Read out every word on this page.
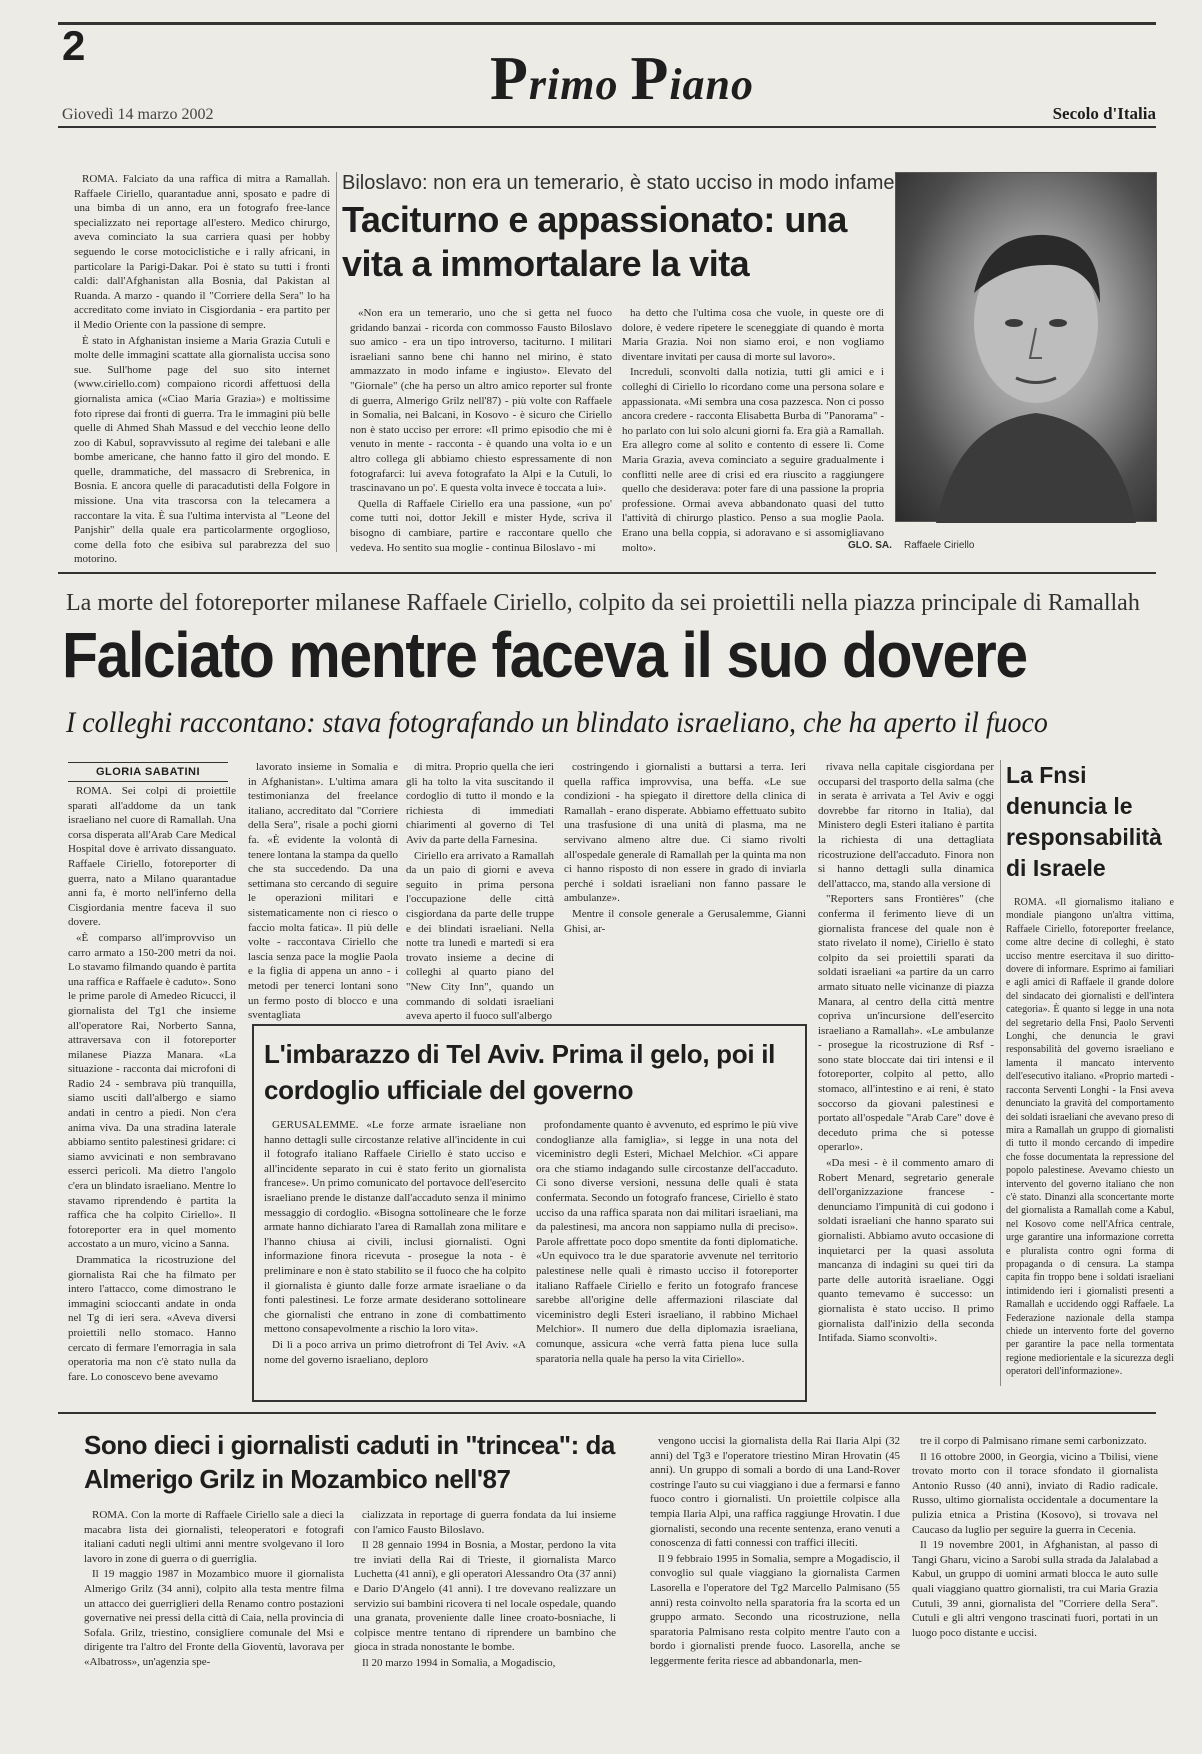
2	Primo Piano
Giovedì 14 marzo 2002	Secolo d'Italia

ROMA. Falciato da una raffica di mitra a Ramallah. Raffaele Ciriello, quarantadue anni, sposato e padre di una bimba di un anno, era un fotografo free-lance specializzato nei reportage all'estero. Medico chirurgo, aveva cominciato la sua carriera quasi per hobby seguendo le corse motociclistiche e i rally africani, in particolare la Parigi-Dakar. Poi è stato su tutti i fronti caldi: dall'Afghanistan alla Bosnia, dal Pakistan al Ruanda. A marzo - quando il "Corriere della Sera" lo ha accreditato come inviato in Cisgiordania - era partito per il Medio Oriente con la passione di sempre.

È stato in Afghanistan insieme a Maria Grazia Cutuli e molte delle immagini scattate alla giornalista uccisa sono sue. Sull'home page del suo sito internet (www.ciriello.com) compaiono ricordi affettuosi della giornalista amica («Ciao Maria Grazia») e moltissime foto riprese dai fronti di guerra. Tra le immagini più belle quelle di Ahmed Shah Massud e del vecchio leone dello zoo di Kabul, sopravvissuto al regime dei talebani e alle bombe americane, che hanno fatto il giro del mondo. E quelle, drammatiche, del massacro di Srebrenica, in Bosnia. E ancora quelle di paracadutisti della Folgore in missione. Una vita trascorsa con la telecamera a raccontare la vita. È sua l'ultima intervista al "Leone del Panjshir" della quale era particolarmente orgoglioso, come della foto che esibiva sul parabrezza del suo motorino.

Biloslavo: non era un temerario, è stato ucciso in modo infame
Taciturno e appassionato: una vita a immortalare la vita

«Non era un temerario, uno che si getta nel fuoco gridando banzai - ricorda con commosso Fausto Biloslavo suo amico - era un tipo introverso, taciturno. I militari israeliani sanno bene chi hanno nel mirino, è stato ammazzato in modo infame e ingiusto». Elevato del "Giornale" (che ha perso un altro amico reporter sul fronte di guerra, Almerigo Grilz nell'87) - più volte con Raffaele in Somalia, nei Balcani, in Kosovo - è sicuro che Ciriello non è stato ucciso per errore: «Il primo episodio che mi è venuto in mente - racconta - è quando una volta io e un altro collega gli abbiamo chiesto espressamente di non fotografarci: lui aveva fotografato la Alpi e la Cutuli, lo trascinavano un po'. E questa volta invece è toccata a lui».

Quella di Raffaele Ciriello era una passione, «un po' come tutti noi, dottor Jekill e mister Hyde, scriva il bisogno di cambiare, partire e raccontare quello che vedeva. Ho sentito sua moglie - continua Biloslavo - mi

ha detto che l'ultima cosa che vuole, in queste ore di dolore, è vedere ripetere le sceneggiate di quando è morta Maria Grazia. Noi non siamo eroi, e non vogliamo diventare invitati per causa di morte sul lavoro».

Increduli, sconvolti dalla notizia, tutti gli amici e i colleghi di Ciriello lo ricordano come una persona solare e appassionata. «Mi sembra una cosa pazzesca. Non ci posso ancora credere - racconta Elisabetta Burba di "Panorama" - ho parlato con lui solo alcuni giorni fa. Era già a Ramallah. Era allegro come al solito e contento di essere lì. Come Maria Grazia, aveva cominciato a seguire gradualmente i conflitti nelle aree di crisi ed era riuscito a raggiungere quello che desiderava: poter fare di una passione la propria professione. Ormai aveva abbandonato quasi del tutto l'attività di chirurgo plastico. Penso a sua moglie Paola. Erano una bella coppia, si adoravano e si assomigliavano molto».	GLO. SA. Raffaele Ciriello
La morte del fotoreporter milanese Raffaele Ciriello, colpito da sei proiettili nella piazza principale di Ramallah
Falciato mentre faceva il suo dovere
I colleghi raccontano: stava fotografando un blindato israeliano, che ha aperto il fuoco
GLORIA SABATINI

ROMA. Sei colpi di proiettile sparati all'addome da un tank israeliano nel cuore di Ramallah. Una corsa disperata all'Arab Care Medical Hospital dove è arrivato dissanguato. Raffaele Ciriello, fotoreporter di guerra, nato a Milano quarantadue anni fa, è morto nell'inferno della Cisgiordania mentre faceva il suo dovere.

«È comparso all'improvviso un carro armato a 150-200 metri da noi. Lo stavamo filmando quando è partita una raffica e Raffaele è caduto». Sono le prime parole di Amedeo Ricucci, il giornalista del Tg1 che insieme all'operatore Rai, Norberto Sanna, attraversava con il fotoreporter milanese Piazza Manara. «La situazione - racconta dai microfoni di Radio 24 - sembrava più tranquilla, siamo usciti dall'albergo e siamo andati in centro a piedi. Non c'era anima viva. Da una stradina laterale abbiamo sentito palestinesi gridare: ci siamo avvicinati e non sembravano esserci pericoli. Ma dietro l'angolo c'era un blindato israeliano. Mentre lo stavamo riprendendo è partita la raffica che ha colpito Ciriello». Il fotoreporter era in quel momento accostato a un muro, vicino a Sanna.

Drammatica la ricostruzione del giornalista Rai che ha filmato per intero l'attacco, come dimostrano le immagini scioccanti andate in onda nel Tg di ieri sera. «Aveva diversi proiettili nello stomaco. Hanno cercato di fermare l'emorragia in sala operatoria ma non c'è stato nulla da fare. Lo conoscevo bene avevamo

lavorato insieme in Somalia e in Afghanistan». L'ultima amara testimonianza del freelance italiano, accreditato dal "Corriere della Sera", risale a pochi giorni fa. «È evidente la volontà di tenere lontana la stampa da quello che sta succedendo. Da una settimana sto cercando di seguire le operazioni militari e sistematicamente non ci riesco o faccio molta fatica». Il più delle volte - raccontava Ciriello che lascia senza pace la moglie Paola e la figlia di appena un anno - i metodi per tenerci lontani sono un fermo posto di blocco e una sventagliata

di mitra. Proprio quella che ieri gli ha tolto la vita suscitando il cordoglio di tutto il mondo e la richiesta di immediati chiarimenti al governo di Tel Aviv da parte della Farnesina.

Ciriello era arrivato a Ramallah da un paio di giorni e aveva seguito in prima persona l'occupazione delle città cisgiordana da parte delle truppe e dei blindati israeliani. Nella notte tra lunedì e martedì si era trovato insieme a decine di colleghi al quarto piano del "New City Inn", quando un commando di soldati israeliani aveva aperto il fuoco sull'albergo

costringendo i giornalisti a buttarsi a terra. Ieri quella raffica improvvisa, una beffa. «Le sue condizioni - ha spiegato il direttore della clinica di Ramallah - erano disperate. Abbiamo effettuato subito una trasfusione di una unità di plasma, ma ne servivano almeno altre due. Ci siamo rivolti all'ospedale generale di Ramallah per la quinta ma non ci hanno risposto di non essere in grado di inviarla perché i soldati israeliani non fanno passare le ambulanze».

Mentre il console generale a Gerusalemme, Gianni Ghisi, ar-

rivava nella capitale cisgiordana per occuparsi del trasporto della salma (che in serata è arrivata a Tel Aviv e oggi dovrebbe far ritorno in Italia), dal Ministero degli Esteri italiano è partita la richiesta di una dettagliata ricostruzione dell'accaduto. Finora non si hanno dettagli sulla dinamica dell'attacco, ma, stando alla versione di

"Reporters sans Frontières" (che conferma il ferimento lieve di un giornalista francese del quale non è stato rivelato il nome), Ciriello è stato colpito da sei proiettili sparati da soldati israeliani «a partire da un carro armato situato nelle vicinanze di piazza Manara, al centro della città mentre copriva un'incursione dell'esercito israeliano a Ramallah». «Le ambulanze - prosegue la ricostruzione di Rsf - sono state bloccate dai tiri intensi e il fotoreporter, colpito al petto, allo stomaco, all'intestino e ai reni, è stato soccorso da giovani palestinesi e portato all'ospedale "Arab Care" dove è deceduto prima che si potesse operarlo».

«Da mesi - è il commento amaro di Robert Menard, segretario generale dell'organizzazione francese - denunciamo l'impunità di cui godono i soldati israeliani che hanno sparato sui giornalisti. Abbiamo avuto occasione di inquietarci per la quasi assoluta mancanza di indagini su quei tiri da parte delle autorità israeliane. Oggi quanto temevamo è successo: un giornalista è stato ucciso. Il primo giornalista dall'inizio della seconda Intifada. Siamo sconvolti».

La Fnsi denuncia le responsabilità di Israele

ROMA. «Il giornalismo italiano e mondiale piangono un'altra vittima, Raffaele Ciriello, fotoreporter freelance, come altre decine di colleghi, è stato ucciso mentre esercitava il suo diritto-dovere di informare. Esprimo ai familiari e agli amici di Raffaele il grande dolore del sindacato dei giornalisti e dell'intera categoria». È quanto si legge in una nota del segretario della Fnsi, Paolo Serventi Longhi, che denuncia le gravi responsabilità del governo israeliano e lamenta il mancato intervento dell'esecutivo italiano. «Proprio martedì - racconta Serventi Longhi - la Fnsi aveva denunciato la gravità del comportamento dei soldati israeliani che avevano preso di mira a Ramallah un gruppo di giornalisti di tutto il mondo cercando di impedire che fosse documentata la repressione del popolo palestinese. Avevamo chiesto un intervento del governo italiano che non c'è stato. Dinanzi alla sconcertante morte del giornalista a Ramallah come a Kabul, nel Kosovo come nell'Africa centrale, urge garantire una informazione corretta e pluralista contro ogni forma di propaganda o di censura. La stampa capita fin troppo bene i soldati israeliani intimidendo ieri i giornalisti presenti a Ramallah e uccidendo oggi Raffaele. La Federazione nazionale della stampa chiede un intervento forte del governo per garantire la pace nella tormentata regione mediorientale e la sicurezza degli operatori dell'informazione».

L'imbarazzo di Tel Aviv. Prima il gelo, poi il cordoglio ufficiale del governo

GERUSALEMME. «Le forze armate israeliane non hanno dettagli sulle circostanze relative all'incidente in cui il fotografo italiano Raffaele Ciriello è stato ucciso e all'incidente separato in cui è stato ferito un giornalista francese». Un primo comunicato del portavoce dell'esercito israeliano prende le distanze dall'accaduto senza il minimo messaggio di cordoglio. «Bisogna sottolineare che le forze armate hanno dichiarato l'area di Ramallah zona militare e l'hanno chiusa ai civili, inclusi giornalisti. Ogni informazione finora ricevuta - prosegue la nota - è preliminare e non è stato stabilito se il fuoco che ha colpito il giornalista è giunto dalle forze armate israeliane o da fonti palestinesi. Le forze armate desiderano sottolineare che giornalisti che entrano in zone di combattimento mettono consapevolmente a rischio la loro vita».

Di lì a poco arriva un primo dietrofront di Tel Aviv. «A nome del governo israeliano, deploro

profondamente quanto è avvenuto, ed esprimo le più vive condoglianze alla famiglia», si legge in una nota del viceministro degli Esteri, Michael Melchior. «Ci appare ora che stiamo indagando sulle circostanze dell'accaduto. Ci sono diverse versioni, nessuna delle quali è stata confermata. Secondo un fotografo francese, Ciriello è stato ucciso da una raffica sparata non dai militari israeliani, ma da palestinesi, ma ancora non sappiamo nulla di preciso». Parole affrettate poco dopo smentite da fonti diplomatiche. «Un equivoco tra le due sparatorie avvenute nel territorio palestinese nelle quali è rimasto ucciso il fotoreporter italiano Raffaele Ciriello e ferito un fotografo francese sarebbe all'origine delle affermazioni rilasciate dal viceministro degli Esteri israeliano, il rabbino Michael Melchior». Il numero due della diplomazia israeliana, comunque, assicura «che verrà fatta piena luce sulla sparatoria nella quale ha perso la vita Ciriello».

Sono dieci i giornalisti caduti in "trincea": da Almerigo Grilz in Mozambico nell'87

ROMA. Con la morte di Raffaele Ciriello sale a dieci la macabra lista dei giornalisti, teleoperatori e fotografi italiani caduti negli ultimi anni mentre svolgevano il loro lavoro in zone di guerra o di guerriglia.

Il 19 maggio 1987 in Mozambico muore il giornalista Almerigo Grilz (34 anni), colpito alla testa mentre filma un attacco dei guerriglieri della Renamo contro postazioni governative nei pressi della città di Caia, nella provincia di Sofala. Grilz, triestino, consigliere comunale del Msi e dirigente tra l'altro del Fronte della Gioventù, lavorava per «Albatross», un'agenzia spe-

cializzata in reportage di guerra fondata da lui insieme con l'amico Fausto Biloslavo.

Il 28 gennaio 1994 in Bosnia, a Mostar, perdono la vita tre inviati della Rai di Trieste, il giornalista Marco Luchetta (41 anni), e gli operatori Alessandro Ota (37 anni) e Dario D'Angelo (41 anni). I tre dovevano realizzare un servizio sui bambini ricovera ti nel locale ospedale, quando una granata, proveniente dalle linee croato-bosniache, li colpisce mentre tentano di riprendere un bambino che gioca in strada nonostante le bombe.

Il 20 marzo 1994 in Somalia, a Mogadiscio,

vengono uccisi la giornalista della Rai Ilaria Alpi (32 anni) del Tg3 e l'operatore triestino Miran Hrovatin (45 anni). Un gruppo di somali a bordo di una Land-Rover costringe l'auto su cui viaggiano i due a fermarsi e fanno fuoco contro i giornalisti. Un proiettile colpisce alla tempia Ilaria Alpi, una raffica raggiunge Hrovatin. I due giornalisti, secondo una recente sentenza, erano venuti a conoscenza di fatti connessi con traffici illeciti.

Il 9 febbraio 1995 in Somalia, sempre a Mogadiscio, il convoglio sul quale viaggiano la giornalista Carmen Lasorella e l'operatore del Tg2 Marcello Palmisano (55 anni) resta coinvolto nella sparatoria fra la scorta ed un gruppo armato. Secondo una ricostruzione, nella sparatoria Palmisano resta colpito mentre l'auto con a bordo i giornalisti prende fuoco. Lasorella, anche se leggermente ferita riesce ad abbandonarla, men-

tre il corpo di Palmisano rimane semi carbonizzato.

Il 16 ottobre 2000, in Georgia, vicino a Tbilisi, viene trovato morto con il torace sfondato il giornalista Antonio Russo (40 anni), inviato di Radio radicale. Russo, ultimo giornalista occidentale a documentare la pulizia etnica a Pristina (Kosovo), si trovava nel Caucaso da luglio per seguire la guerra in Cecenia.

Il 19 novembre 2001, in Afghanistan, al passo di Tangi Gharu, vicino a Sarobi sulla strada da Jalalabad a Kabul, un gruppo di uomini armati blocca le auto sulle quali viaggiano quattro giornalisti, tra cui Maria Grazia Cutuli, 39 anni, giornalista del "Corriere della Sera". Cutuli e gli altri vengono trascinati fuori, portati in un luogo poco distante e uccisi.
